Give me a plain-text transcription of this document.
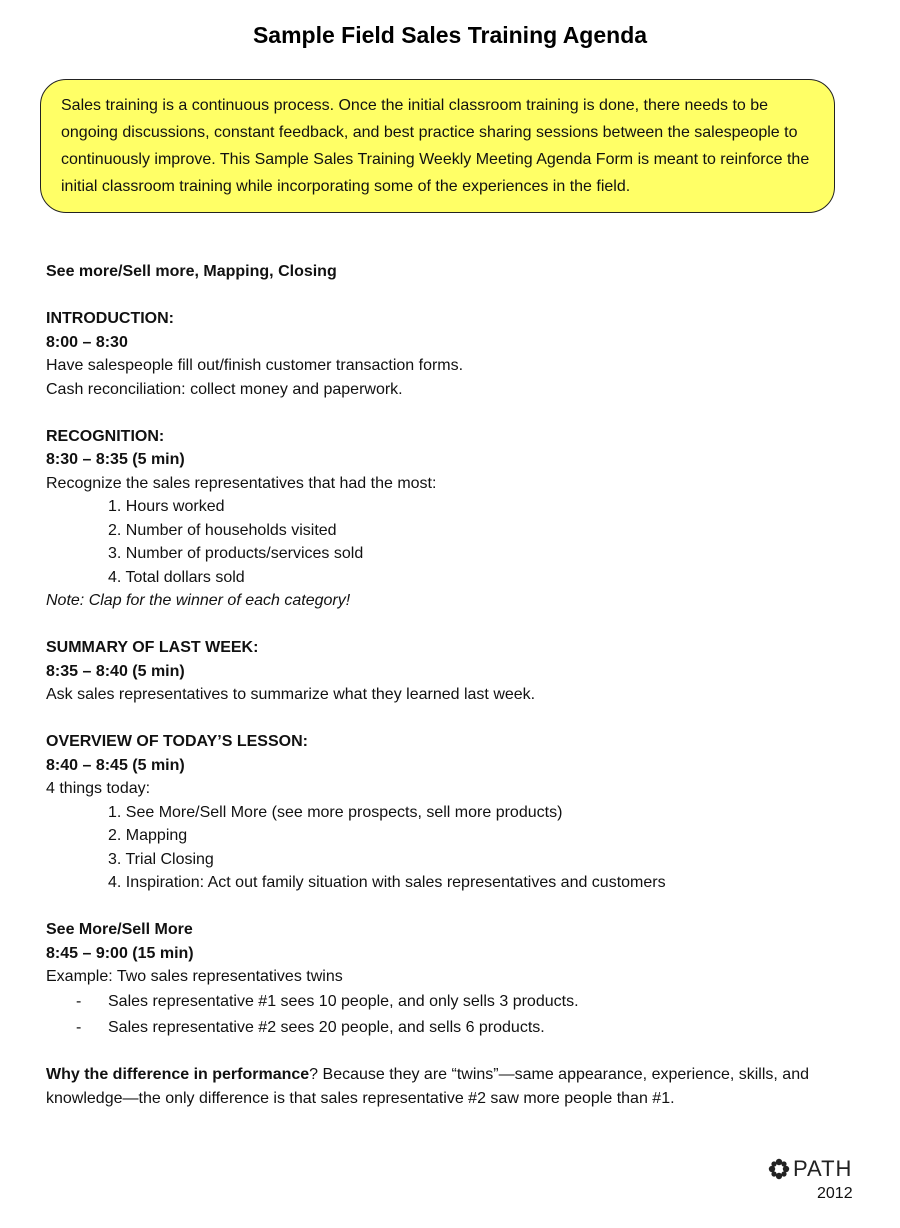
Sample Field Sales Training Agenda
Sales training is a continuous process. Once the initial classroom training is done, there needs to be ongoing discussions, constant feedback, and best practice sharing sessions between the salespeople to continuously improve. This Sample Sales Training Weekly Meeting Agenda Form is meant to reinforce the initial classroom training while incorporating some of the experiences in the field.
See more/Sell more, Mapping, Closing
INTRODUCTION:
8:00 – 8:30
Have salespeople fill out/finish customer transaction forms.
Cash reconciliation: collect money and paperwork.
RECOGNITION:
8:30 – 8:35 (5 min)
Recognize the sales representatives that had the most:
1. Hours worked
2. Number of households visited
3. Number of products/services sold
4. Total dollars sold
Note: Clap for the winner of each category!
SUMMARY OF LAST WEEK:
8:35 – 8:40 (5 min)
Ask sales representatives to summarize what they learned last week.
OVERVIEW OF TODAY’S LESSON:
8:40 – 8:45 (5 min)
4 things today:
1. See More/Sell More (see more prospects, sell more products)
2. Mapping
3. Trial Closing
4. Inspiration: Act out family situation with sales representatives and customers
See More/Sell More
8:45 – 9:00 (15 min)
Example: Two sales representatives twins
- Sales representative #1 sees 10 people, and only sells 3 products.
- Sales representative #2 sees 20 people, and sells 6 products.
Why the difference in performance? Because they are “twins”—same appearance, experience, skills, and knowledge—the only difference is that sales representative #2 saw more people than #1.
PATH
2012
